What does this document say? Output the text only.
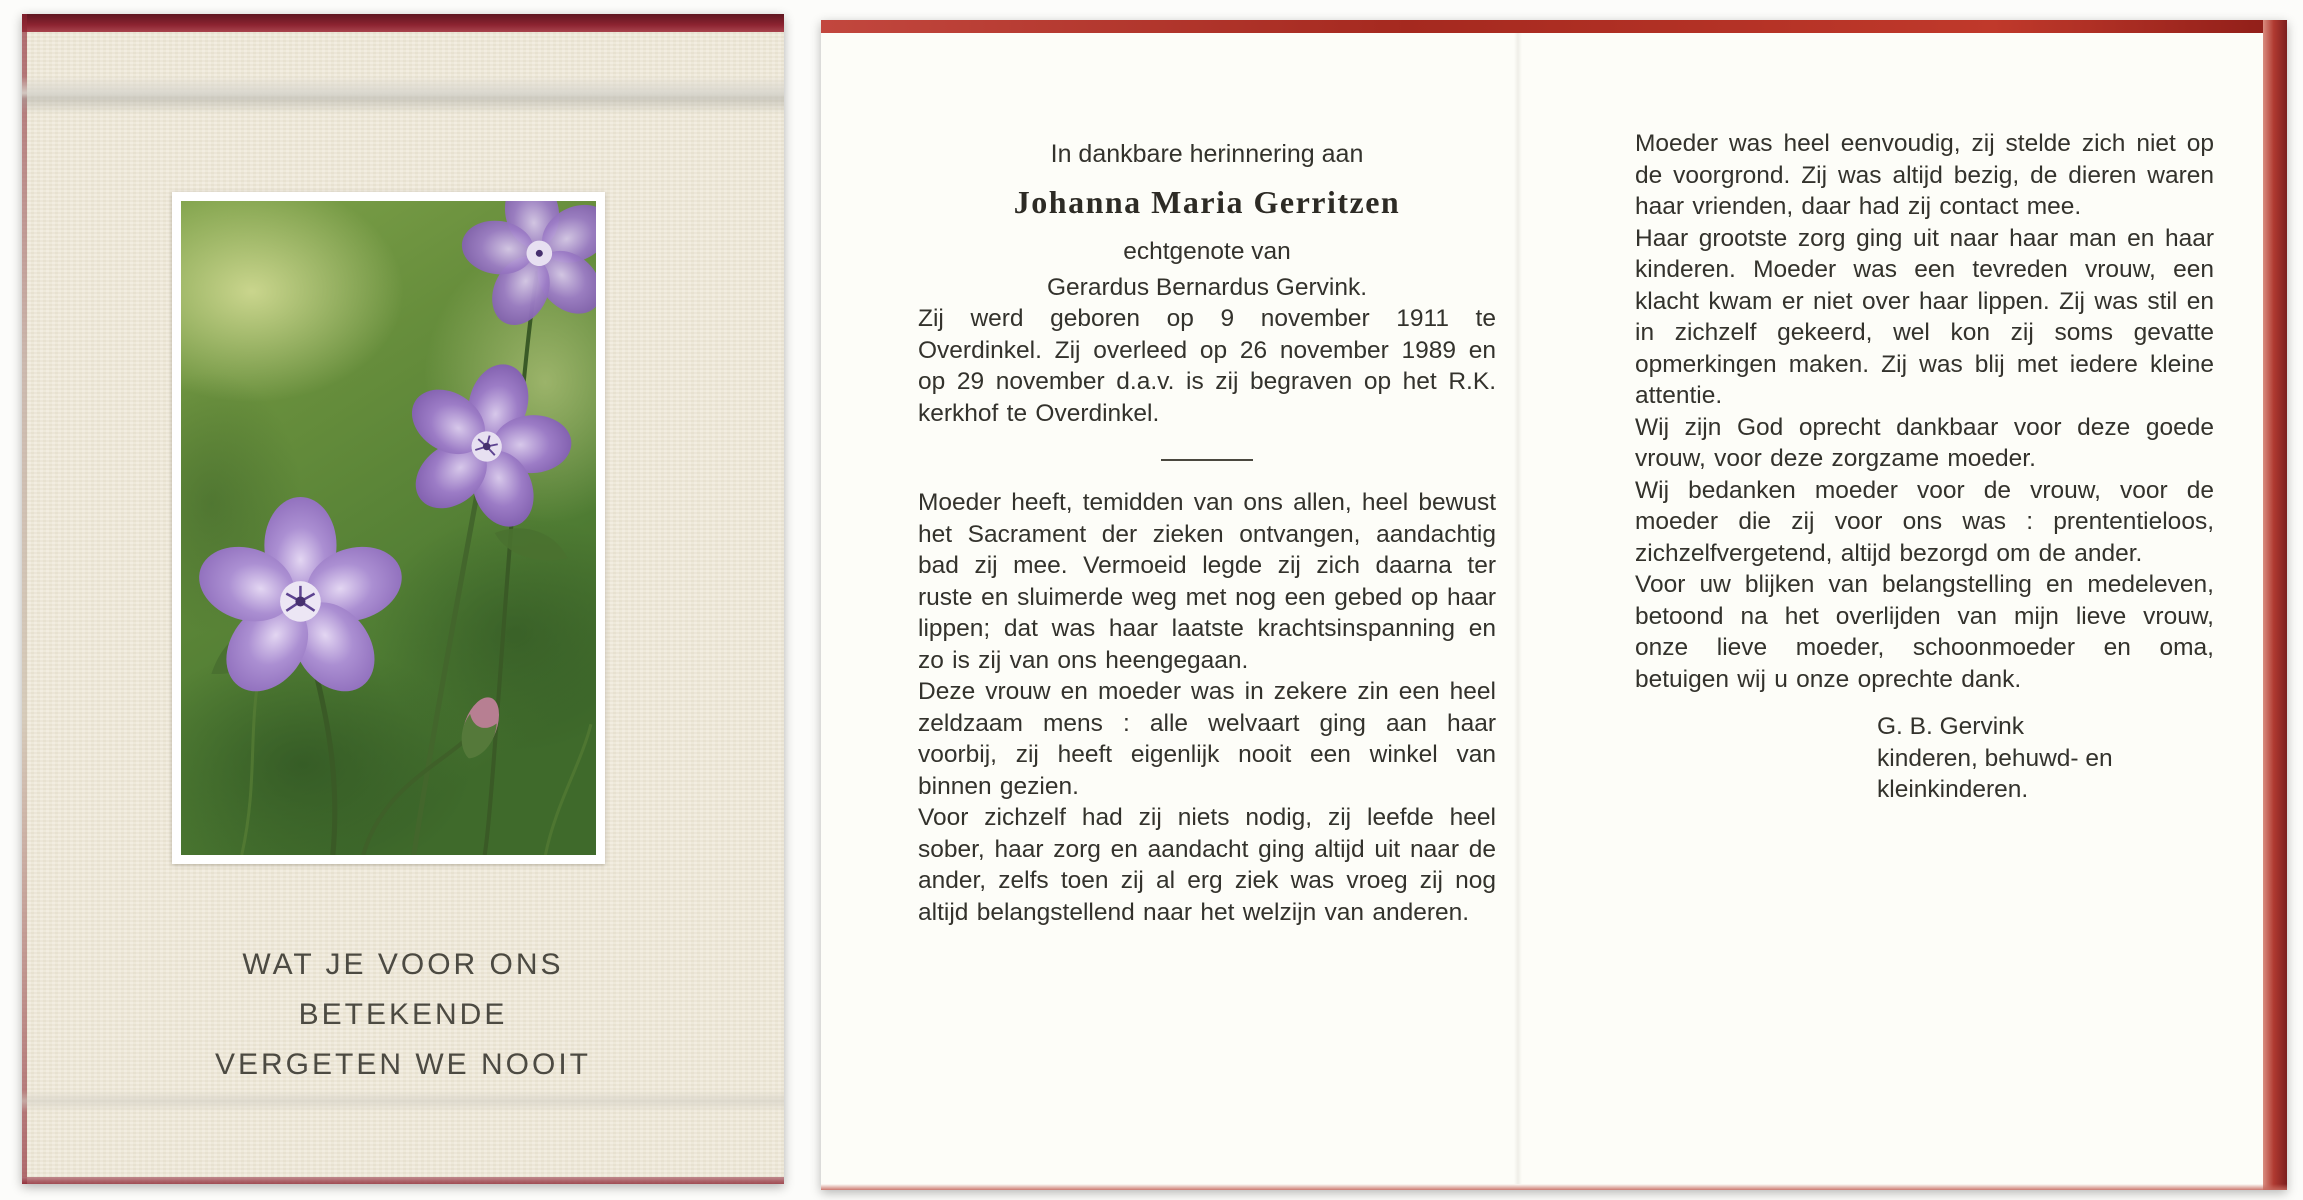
WAT JE VOOR ONS
BETEKENDE
VERGETEN WE NOOIT
In dankbare herinnering aan
Johanna Maria Gerritzen
echtgenote van
Gerardus Bernardus Gervink.

Zij werd geboren op 9 november 1911 te Overdinkel. Zij overleed op 26 november 1989 en op 29 november d.a.v. is zij begraven op het R.K. kerkhof te Overdinkel.

Moeder heeft, temidden van ons allen, heel bewust het Sacrament der zieken ontvangen, aandachtig bad zij mee. Vermoeid legde zij zich daarna ter ruste en sluimerde weg met nog een gebed op haar lippen; dat was haar laatste krachtsinspanning en zo is zij van ons heengegaan.

Deze vrouw en moeder was in zekere zin een heel zeldzaam mens : alle welvaart ging aan haar voorbij, zij heeft eigenlijk nooit een winkel van binnen gezien.

Voor zichzelf had zij niets nodig, zij leefde heel sober, haar zorg en aandacht ging altijd uit naar de ander, zelfs toen zij al erg ziek was vroeg zij nog altijd belangstellend naar het welzijn van anderen.

Moeder was heel eenvoudig, zij stelde zich niet op de voorgrond. Zij was altijd bezig, de dieren waren haar vrienden, daar had zij contact mee.

Haar grootste zorg ging uit naar haar man en haar kinderen. Moeder was een tevreden vrouw, een klacht kwam er niet over haar lippen. Zij was stil en in zichzelf gekeerd, wel kon zij soms gevatte opmerkingen maken. Zij was blij met iedere kleine attentie.

Wij zijn God oprecht dankbaar voor deze goede vrouw, voor deze zorgzame moeder.

Wij bedanken moeder voor de vrouw, voor de moeder die zij voor ons was : prententieloos, zichzelfvergetend, altijd bezorgd om de ander.

Voor uw blijken van belangstelling en medeleven, betoond na het overlijden van mijn lieve vrouw, onze lieve moeder, schoonmoeder en oma, betuigen wij u onze oprechte dank.

G. B. Gervink
kinderen, behuwd- en
kleinkinderen.
